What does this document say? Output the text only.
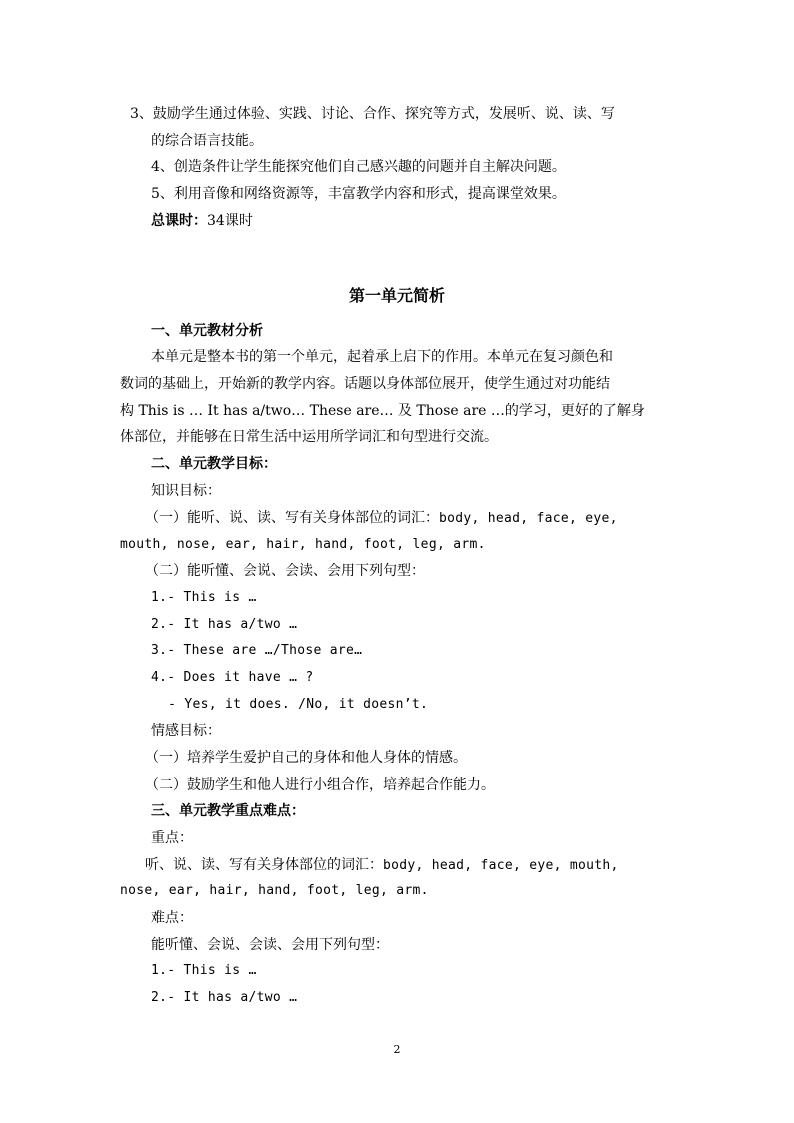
3、鼓励学生通过体验、实践、讨论、合作、探究等方式，发展听、说、读、写
的综合语言技能。
4、创造条件让学生能探究他们自己感兴趣的问题并自主解决问题。
5、利用音像和网络资源等，丰富教学内容和形式，提高课堂效果。
总课时：34课时
第一单元简析
一、单元教材分析
本单元是整本书的第一个单元，起着承上启下的作用。本单元在复习颜色和
数词的基础上，开始新的教学内容。话题以身体部位展开，使学生通过对功能结
构 This is … It has a/two… These are… 及 Those are …的学习，更好的了解身
体部位，并能够在日常生活中运用所学词汇和句型进行交流。
二、单元教学目标：
知识目标：
（一）能听、说、读、写有关身体部位的词汇：body, head, face, eye,
mouth, nose, ear, hair, hand, foot, leg, arm.
（二）能听懂、会说、会读、会用下列句型：
1.- This is …
2.- It has a/two …
3.- These are …/Those are…
4.- Does it have … ?
- Yes, it does. /No, it doesn’t.
情感目标：
（一）培养学生爱护自己的身体和他人身体的情感。
（二）鼓励学生和他人进行小组合作，培养起合作能力。
三、单元教学重点难点：
重点：
听、说、读、写有关身体部位的词汇：body, head, face, eye, mouth,
nose, ear, hair, hand, foot, leg, arm.
难点：
能听懂、会说、会读、会用下列句型：
1.- This is …
2.- It has a/two …
2
